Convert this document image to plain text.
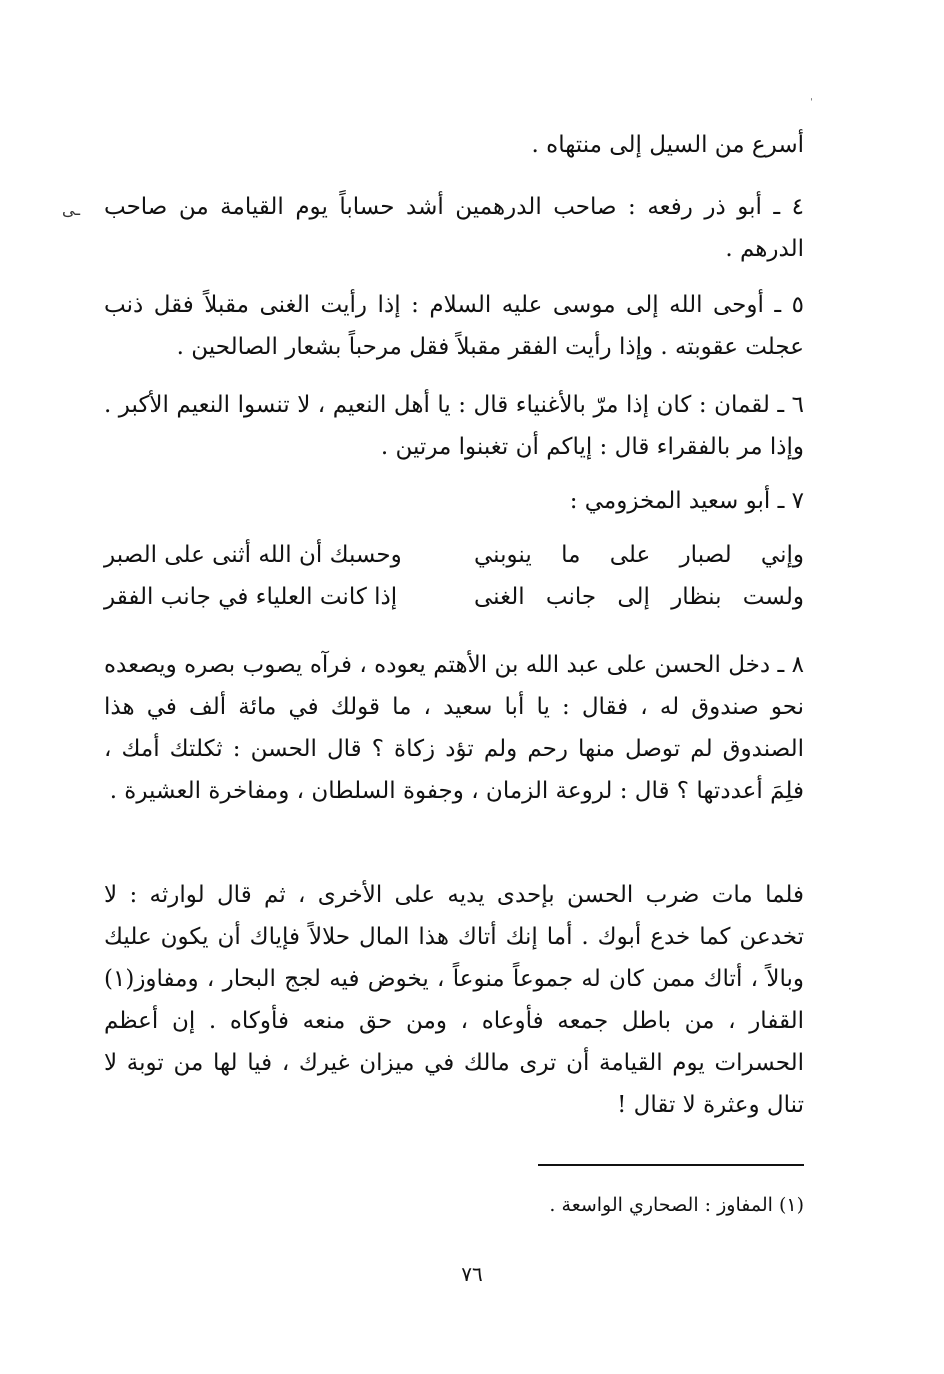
ˈ
ـى

أسرع من السيل إلى منتهاه .

٤ ـ أبو ذر رفعه : صاحب الدرهمين أشد حساباً يوم القيامة من صاحب الدرهم .

٥ ـ أوحى الله إلى موسى عليه السلام : إذا رأيت الغنى مقبلاً فقل ذنب عجلت عقوبته . وإذا رأيت الفقر مقبلاً فقل مرحباً بشعار الصالحين .

٦ ـ لقمان : كان إذا مرّ بالأغنياء قال : يا أهل النعيم ، لا تنسوا النعيم الأكبر . وإذا مر بالفقراء قال : إياكم أن تغبنوا مرتين .

٧ ـ أبو سعيد المخزومي :

وإني لصبار على ما ينوبني
وحسبك أن الله أثنى على الصبر
ولست بنظار إلى جانب الغنى
إذا كانت العلياء في جانب الفقر

٨ ـ دخل الحسن على عبد الله بن الأهتم يعوده ، فرآه يصوب بصره ويصعده نحو صندوق له ، فقال : يا أبا سعيد ، ما قولك في مائة ألف في هذا الصندوق لم توصل منها رحم ولم تؤد زكاة ؟ قال الحسن : ثكلتك أمك ، فلِمَ أعددتها ؟ قال : لروعة الزمان ، وجفوة السلطان ، ومفاخرة العشيرة .

فلما مات ضرب الحسن بإحدى يديه على الأخرى ، ثم قال لوارثه : لا تخدعن كما خدع أبوك . أما إنك أتاك هذا المال حلالاً فإياك أن يكون عليك وبالاً ، أتاك ممن كان له جموعاً منوعاً ، يخوض فيه لجج البحار ، ومفاوز(١) القفار ، من باطل جمعه فأوعاه ، ومن حق منعه فأوكاه . إن أعظم الحسرات يوم القيامة أن ترى مالك في ميزان غيرك ، فيا لها من توبة لا تنال وعثرة لا تقال !

(١) المفاوز : الصحاري الواسعة .

٧٦
